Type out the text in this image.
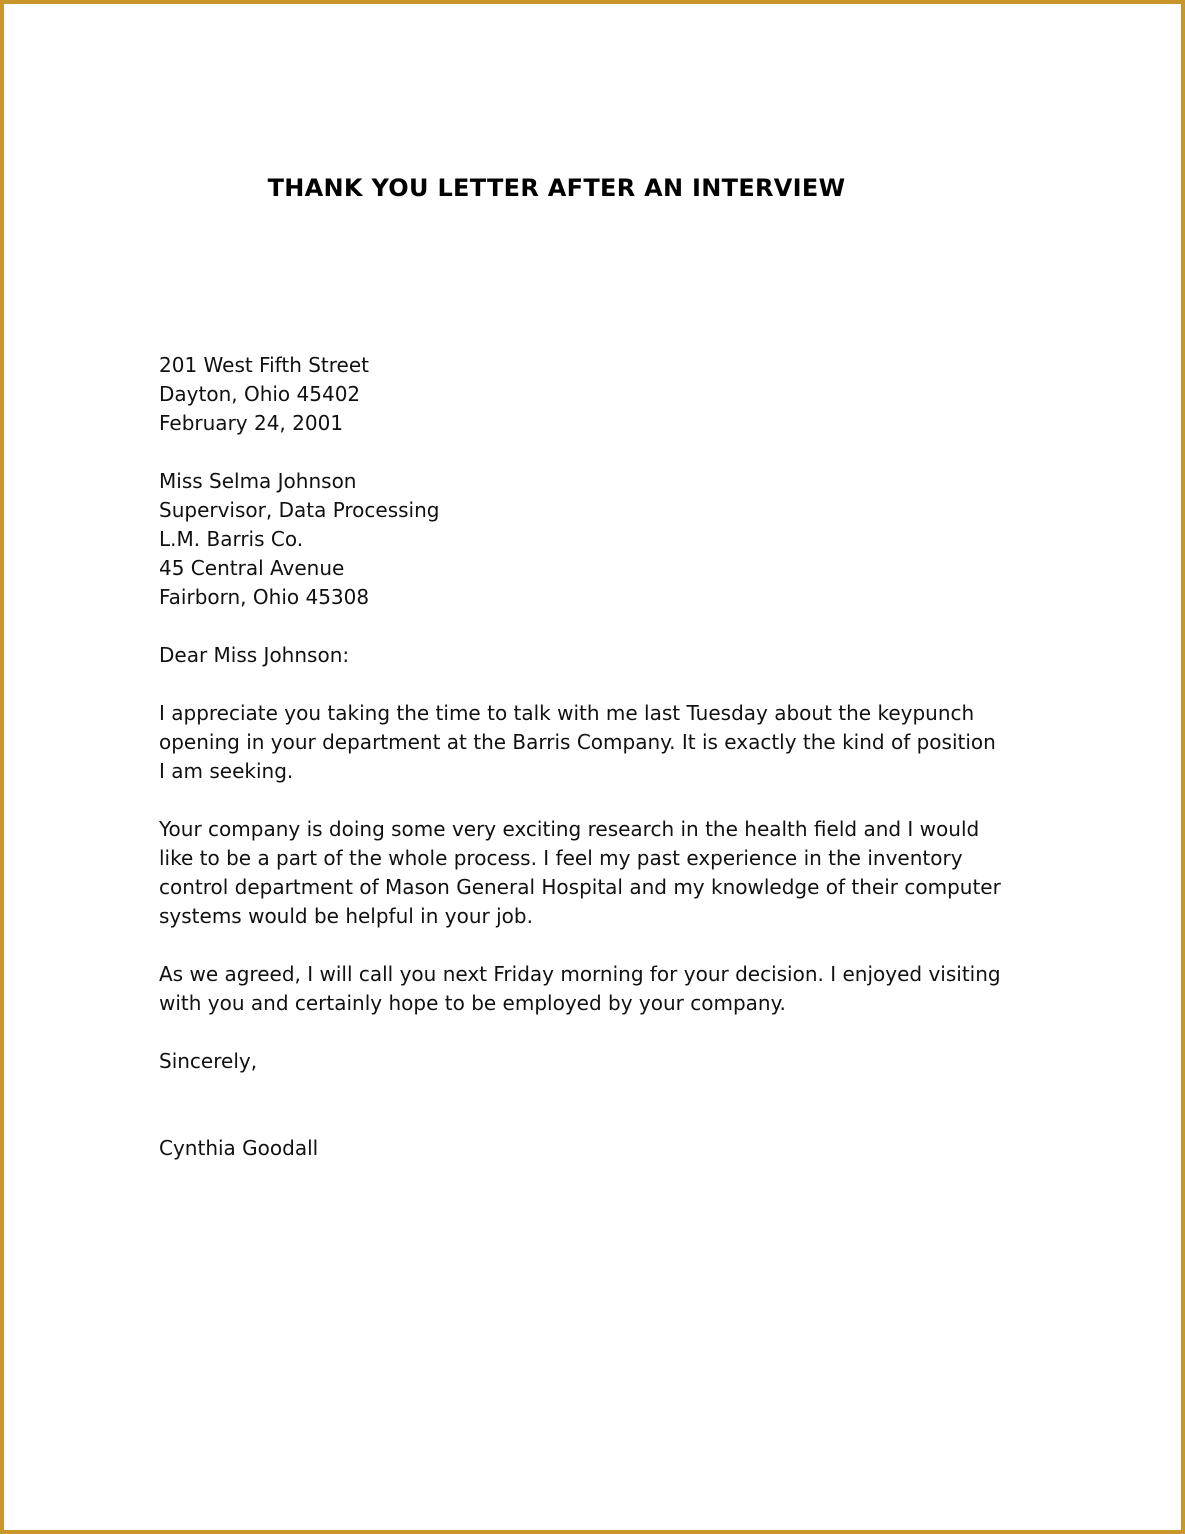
THANK YOU LETTER AFTER AN INTERVIEW
201 West Fifth Street
Dayton, Ohio 45402
February 24, 2001
Miss Selma Johnson
Supervisor, Data Processing
L.M. Barris Co.
45 Central Avenue
Fairborn, Ohio 45308
Dear Miss Johnson:

I appreciate you taking the time to talk with me last Tuesday about the keypunch
opening in your department at the Barris Company. It is exactly the kind of position
I am seeking.

Your company is doing some very exciting research in the health field and I would
like to be a part of the whole process. I feel my past experience in the inventory
control department of Mason General Hospital and my knowledge of their computer
systems would be helpful in your job.

As we agreed, I will call you next Friday morning for your decision. I enjoyed visiting
with you and certainly hope to be employed by your company.

Sincerely,
Cynthia Goodall
